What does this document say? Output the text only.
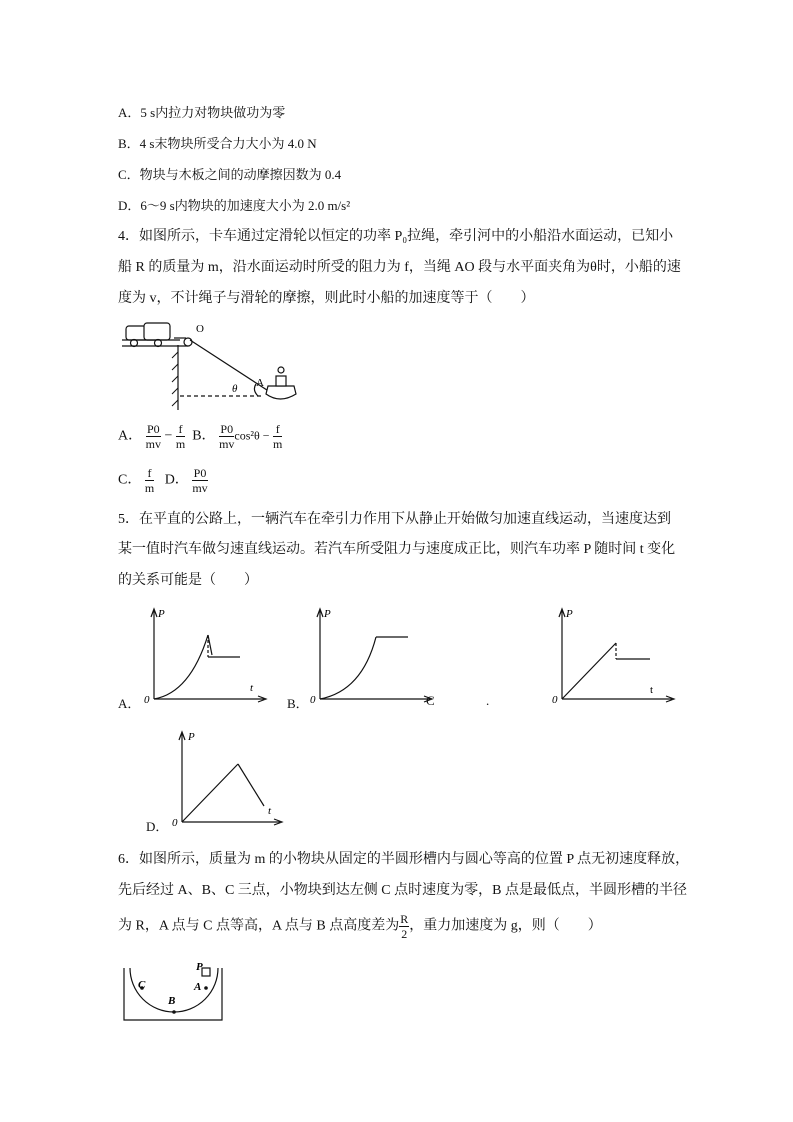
A．5 s内拉力对物块做功为零
B．4 s末物块所受合力大小为 4.0 N
C．物块与木板之间的动摩擦因数为 0.4
D．6～9 s内物块的加速度大小为 2.0 m/s²
4．如图所示，卡车通过定滑轮以恒定的功率 P₀拉绳，牵引河中的小船沿水面运动，已知小
船 R 的质量为 m，沿水面运动时所受的阻力为 f，当绳 AO 段与水平面夹角为θ时，小船的速
度为 v，不计绳子与滑轮的摩擦，则此时小船的加速度等于（　　）
O
A
θ
A． $\frac{P0}{mv} - \frac{f}{m}$ B． $\frac{P0}{mv} \cos^2\theta - \frac{f}{m}$
C． $\frac{f}{m}$ D． $\frac{P0}{mv}$
5．在平直的公路上，一辆汽车在牵引力作用下从静止开始做匀加速直线运动，当速度达到
某一值时汽车做匀速直线运动。若汽车所受阻力与速度成正比，则汽车功率 P 随时间 t 变化
的关系可能是（　　）
P
t
0
A．
P
0
B．	C	.
P
t
0
P
t
0
D．
6．如图所示，质量为 m 的小物块从固定的半圆形槽内与圆心等高的位置 P 点无初速度释放，
先后经过 A、B、C 三点，小物块到达左侧 C 点时速度为零，B 点是最低点，半圆形槽的半径
为 R，A 点与 C 点等高，A 点与 B 点高度差为 $\frac{R}{2}$ ，重力加速度为 g，则（　　）
P
A
B
C
